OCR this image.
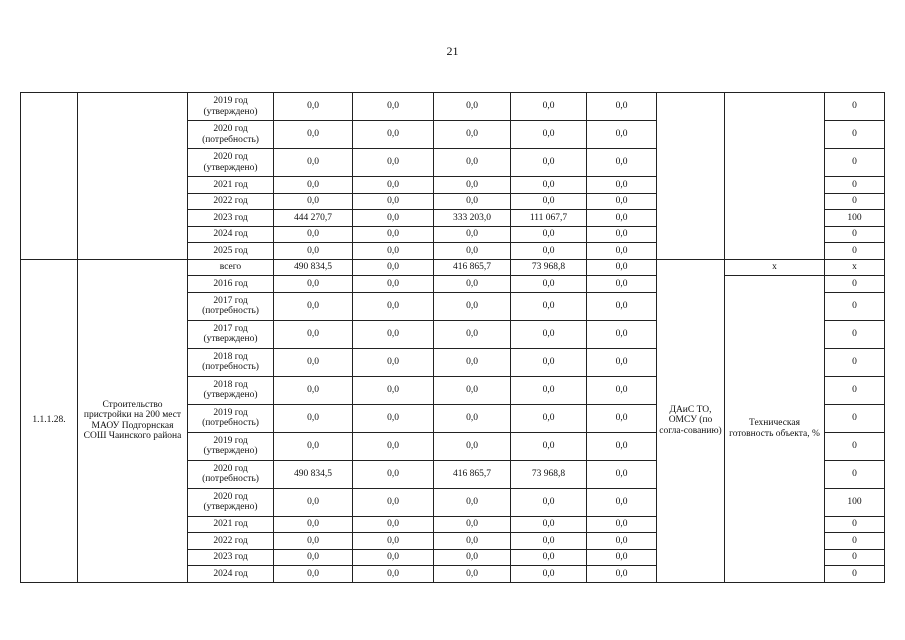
21
		2019 год (утверждено)	0,0	0,0	0,0	0,0	0,0			0
		2020 год (потребность)	0,0	0,0	0,0	0,0	0,0			0
		2020 год (утверждено)	0,0	0,0	0,0	0,0	0,0			0
		2021 год	0,0	0,0	0,0	0,0	0,0			0
		2022 год	0,0	0,0	0,0	0,0	0,0			0
		2023 год	444 270,7	0,0	333 203,0	111 067,7	0,0			100
		2024 год	0,0	0,0	0,0	0,0	0,0			0
		2025 год	0,0	0,0	0,0	0,0	0,0			0
1.1.1.28.	Строительство пристройки на 200 мест МАОУ Подгорнская СОШ Чаинского района	всего	490 834,5	0,0	416 865,7	73 968,8	0,0	ДАиС ТО, ОМСУ (по согла-сованию)	x	x
		2016 год	0,0	0,0	0,0	0,0	0,0		Техническая готовность объекта, %	0
		2017 год (потребность)	0,0	0,0	0,0	0,0	0,0			0
		2017 год (утверждено)	0,0	0,0	0,0	0,0	0,0			0
		2018 год (потребность)	0,0	0,0	0,0	0,0	0,0			0
		2018 год (утверждено)	0,0	0,0	0,0	0,0	0,0			0
		2019 год (потребность)	0,0	0,0	0,0	0,0	0,0			0
		2019 год (утверждено)	0,0	0,0	0,0	0,0	0,0			0
		2020 год (потребность)	490 834,5	0,0	416 865,7	73 968,8	0,0			0
		2020 год (утверждено)	0,0	0,0	0,0	0,0	0,0			100
		2021 год	0,0	0,0	0,0	0,0	0,0			0
		2022 год	0,0	0,0	0,0	0,0	0,0			0
		2023 год	0,0	0,0	0,0	0,0	0,0			0
		2024 год	0,0	0,0	0,0	0,0	0,0			0
